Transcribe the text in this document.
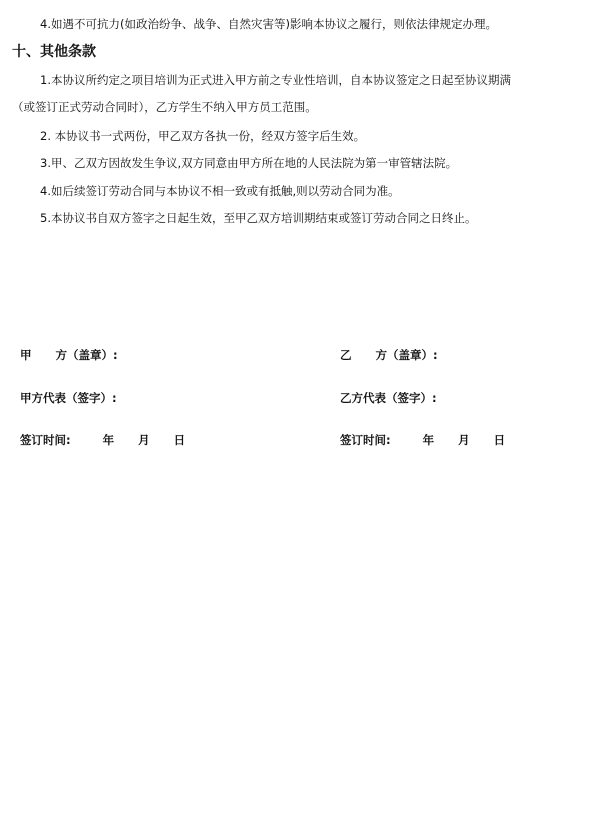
4.如遇不可抗力(如政治纷争、战争、自然灾害等)影响本协议之履行，则依法律规定办理。
十、其他条款
1.本协议所约定之项目培训为正式进入甲方前之专业性培训，自本协议签定之日起至协议期满
（或签订正式劳动合同时），乙方学生不纳入甲方员工范围。
2. 本协议书一式两份，甲乙双方各执一份，经双方签字后生效。
3.甲、乙双方因故发生争议,双方同意由甲方所在地的人民法院为第一审管辖法院。
4.如后续签订劳动合同与本协议不相一致或有抵触,则以劳动合同为准。
5.本协议书自双方签字之日起生效，至甲乙双方培训期结束或签订劳动合同之日终止。
甲      方（盖章）:	乙      方（盖章）:
甲方代表（签字）:	乙方代表（签字）:
签订时间:        年      月      日	签订时间:        年      月      日
